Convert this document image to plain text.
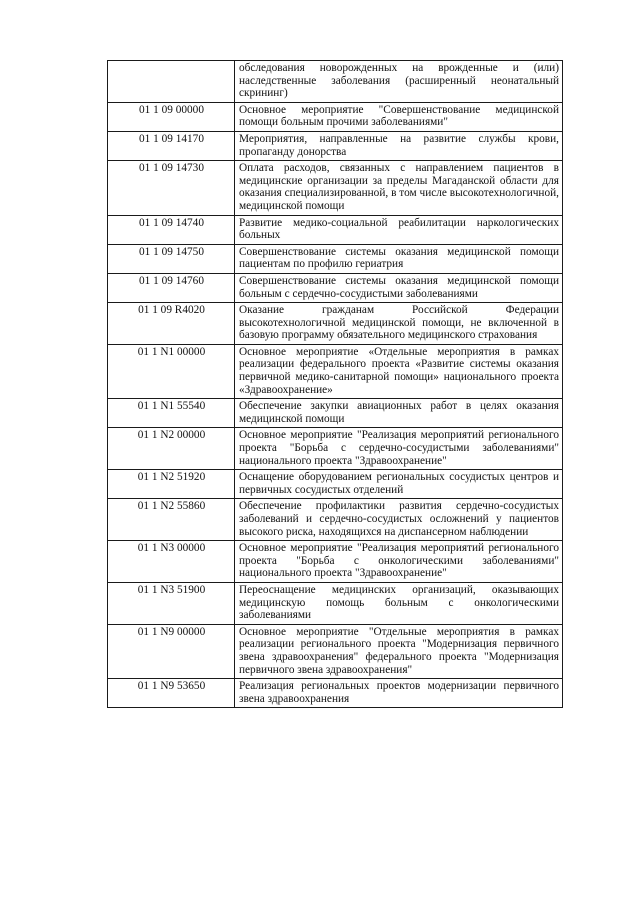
	обследования новорожденных на врожденные и (или) наследственные заболевания (расширенный неонатальный скрининг)
01 1 09 00000	Основное мероприятие "Совершенствование медицинской помощи больным прочими заболеваниями"
01 1 09 14170	Мероприятия, направленные на развитие службы крови, пропаганду донорства
01 1 09 14730	Оплата расходов, связанных с направлением пациентов в медицинские организации за пределы Магаданской области для оказания специализированной, в том числе высокотехнологичной, медицинской помощи
01 1 09 14740	Развитие медико-социальной реабилитации наркологических больных
01 1 09 14750	Совершенствование системы оказания медицинской помощи пациентам по профилю гериатрия
01 1 09 14760	Совершенствование системы оказания медицинской помощи больным с сердечно-сосудистыми заболеваниями
01 1 09 R4020	Оказание гражданам Российской Федерации высокотехнологичной медицинской помощи, не включенной в базовую программу обязательного медицинского страхования
01 1 N1 00000	Основное мероприятие «Отдельные мероприятия в рамках реализации федерального проекта «Развитие системы оказания первичной медико-санитарной помощи» национального проекта «Здравоохранение»
01 1 N1 55540	Обеспечение закупки авиационных работ в целях оказания медицинской помощи
01 1 N2 00000	Основное мероприятие "Реализация мероприятий регионального проекта "Борьба с сердечно-сосудистыми заболеваниями" национального проекта "Здравоохранение"
01 1 N2 51920	Оснащение оборудованием региональных сосудистых центров и первичных сосудистых отделений
01 1 N2 55860	Обеспечение профилактики развития сердечно-сосудистых заболеваний и сердечно-сосудистых осложнений у пациентов высокого риска, находящихся на диспансерном наблюдении
01 1 N3 00000	Основное мероприятие "Реализация мероприятий регионального проекта "Борьба с онкологическими заболеваниями" национального проекта "Здравоохранение"
01 1 N3 51900	Переоснащение медицинских организаций, оказывающих медицинскую помощь больным с онкологическими заболеваниями
01 1 N9 00000	Основное мероприятие "Отдельные мероприятия в рамках реализации регионального проекта "Модернизация первичного звена здравоохранения" федерального проекта "Модернизация первичного звена здравоохранения"
01 1 N9 53650	Реализация региональных проектов модернизации первичного звена здравоохранения
